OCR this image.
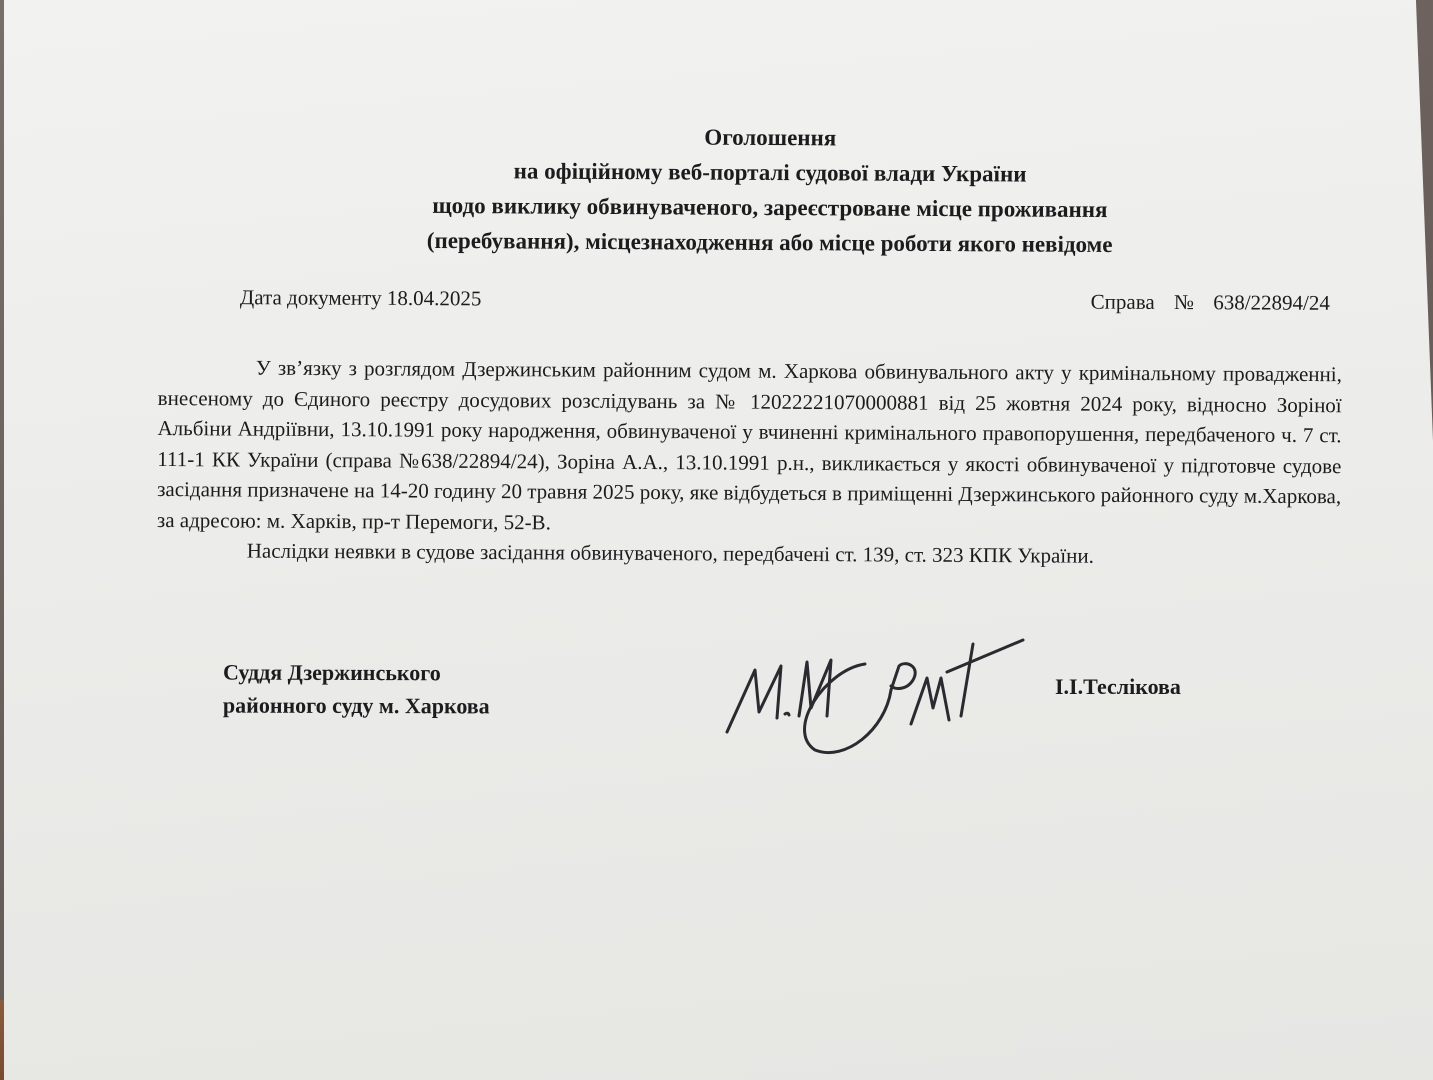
Оголошення
на офіційному веб-порталі судової влади України
щодо виклику обвинуваченого, зареєстроване місце проживання
(перебування), місцезнаходження або місце роботи якого невідоме
Дата документу 18.04.2025	Справа № 638/22894/24

У зв’язку з розглядом Дзержинським районним судом м. Харкова обвинувального акту у кримінальному провадженні, внесеному до Єдиного реєстру досудових розслідувань за № 12022221070000881 від 25 жовтня 2024 року, відносно Зоріної Альбіни Андріївни, 13.10.1991 року народження, обвинуваченої у вчиненні кримінального правопорушення, передбаченого ч. 7 ст. 111-1 КК України (справа №638/22894/24), Зоріна А.А., 13.10.1991 р.н., викликається у якості обвинуваченої у підготовче судове засідання призначене на 14-20 годину 20 травня 2025 року, яке відбудеться в приміщенні Дзержинського районного суду м.Харкова, за адресою: м. Харків, пр-т Перемоги, 52-В.

Наслідки неявки в судове засідання обвинуваченого, передбачені ст. 139, ст. 323 КПК України.

Суддя Дзержинського
районного суду м. Харкова
І.І.Теслікова
